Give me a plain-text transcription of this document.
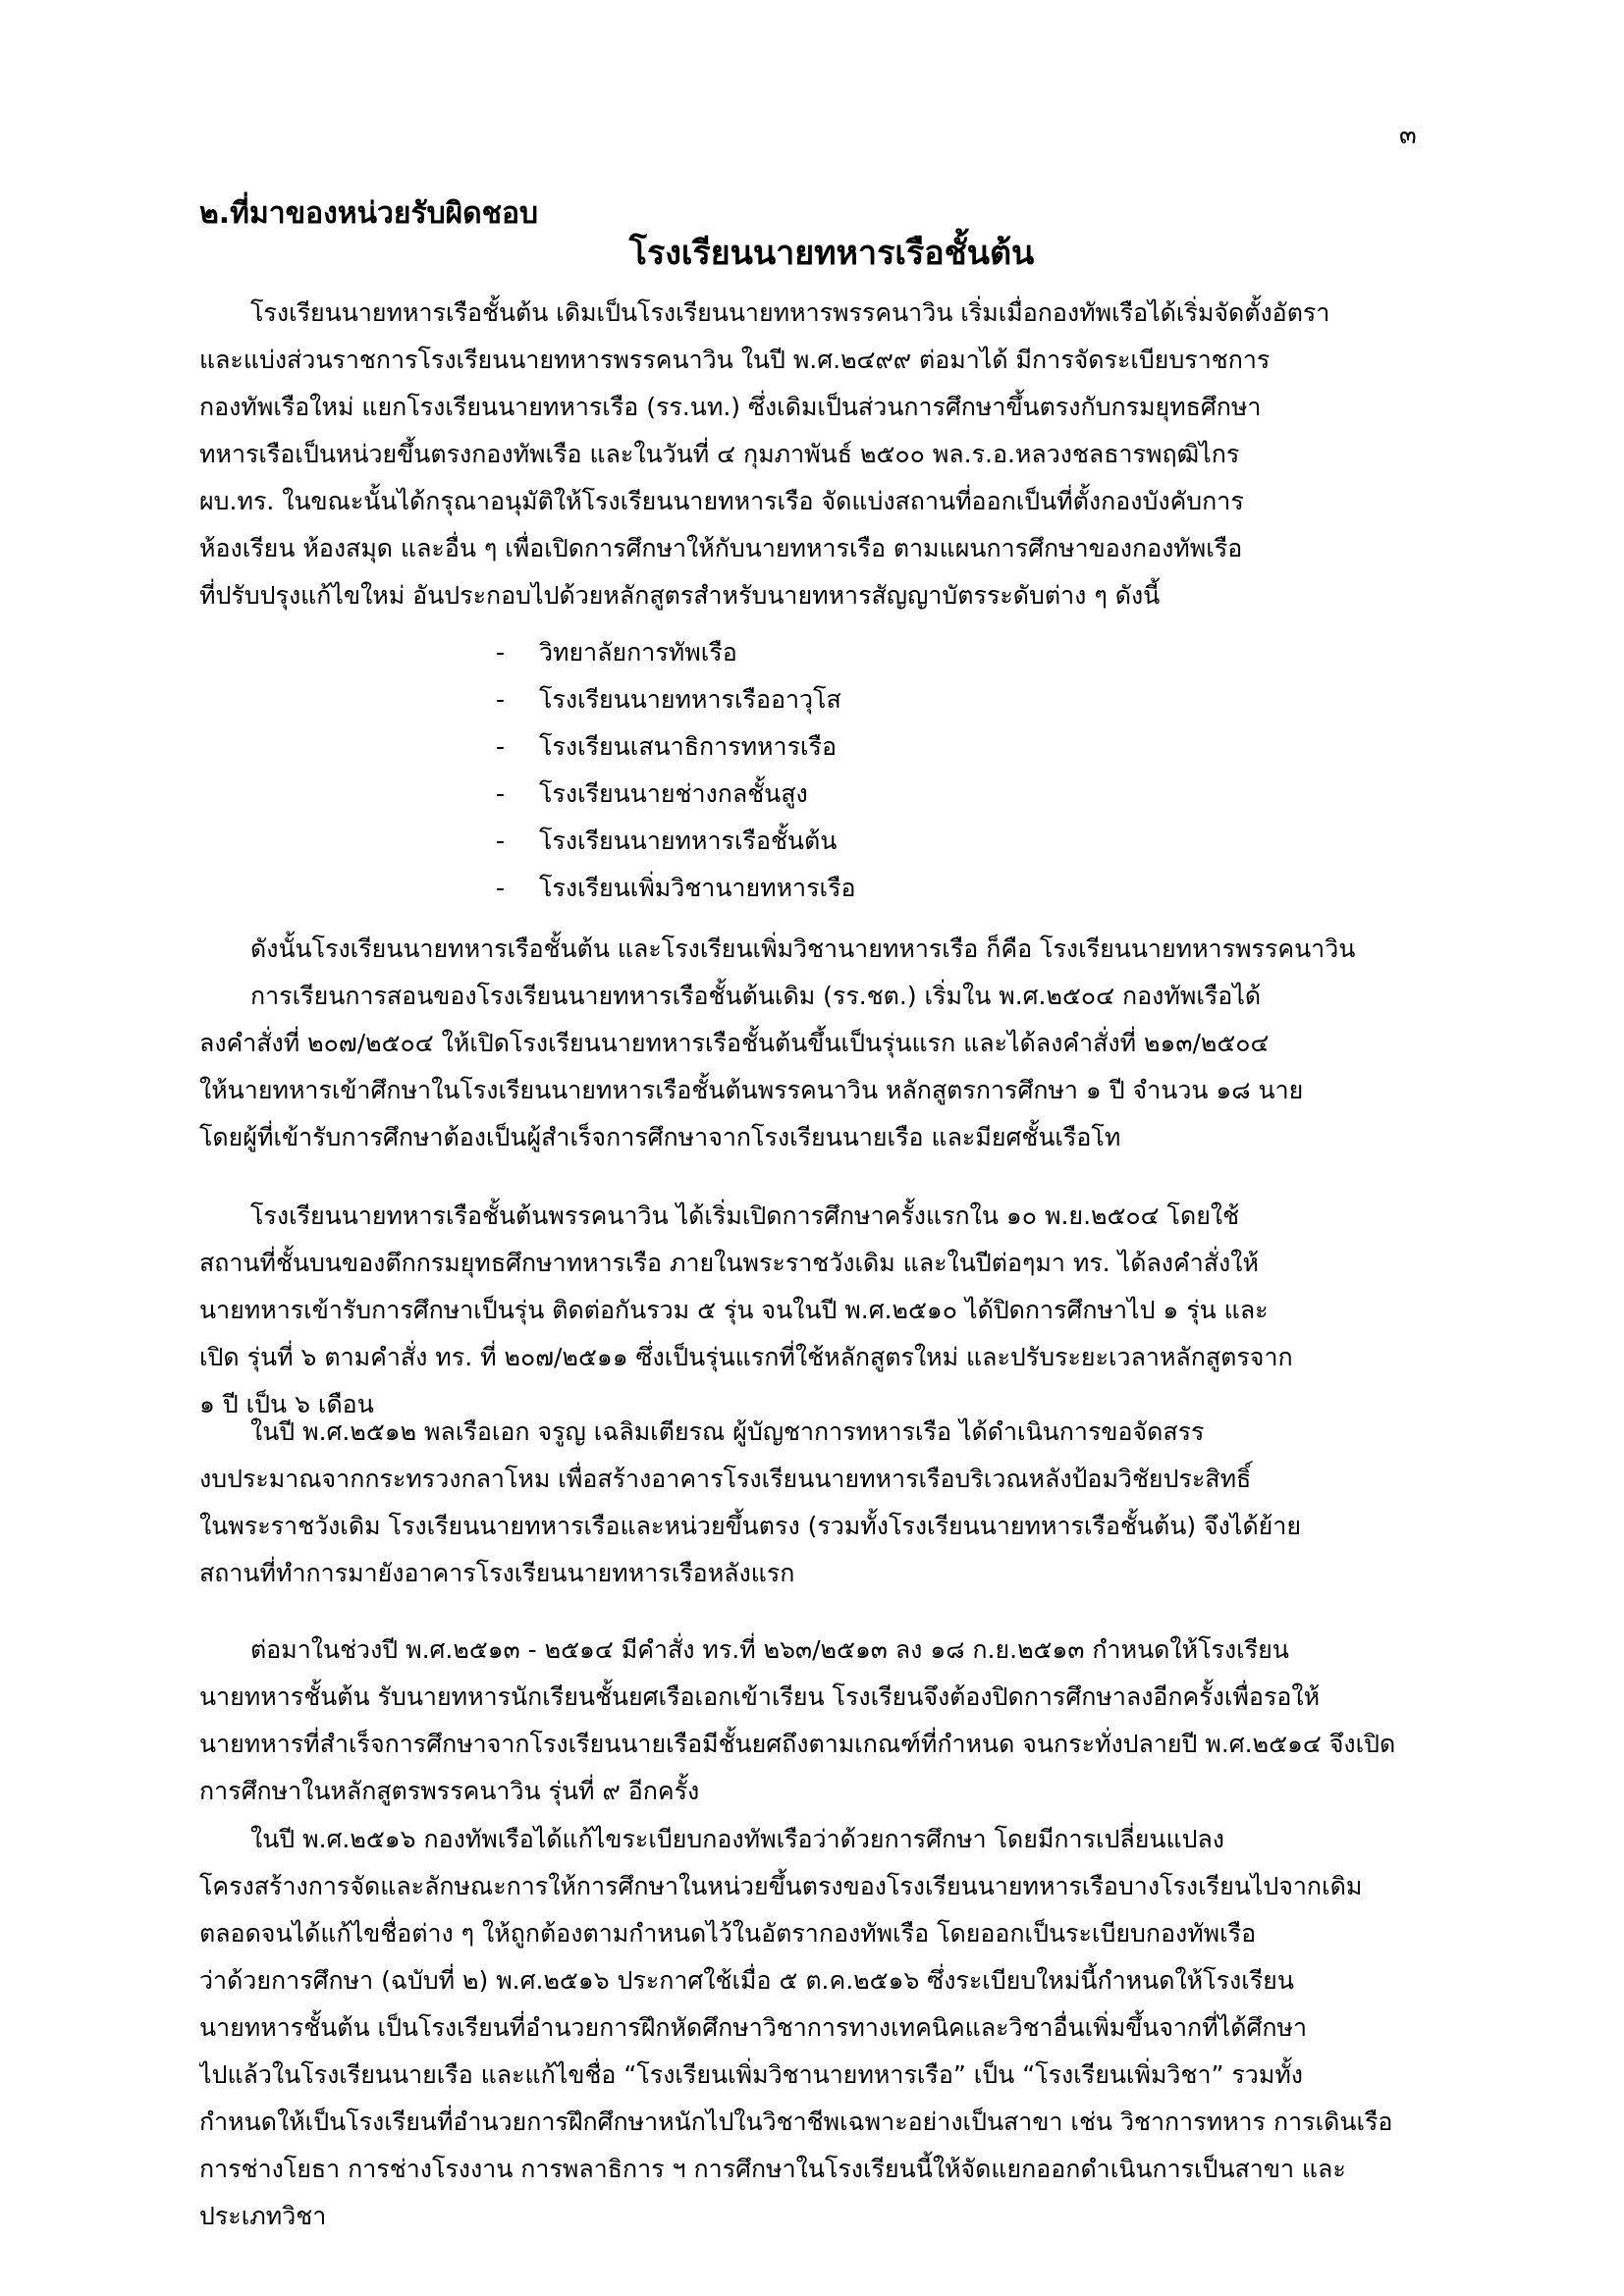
๓
๒.ที่มาของหน่วยรับผิดชอบ
โรงเรียนนายทหารเรือชั้นต้น
โรงเรียนนายทหารเรือชั้นต้น เดิมเป็นโรงเรียนนายทหารพรรคนาวิน เริ่มเมื่อกองทัพเรือได้เริ่มจัดตั้งอัตรา
และแบ่งส่วนราชการโรงเรียนนายทหารพรรคนาวิน ในปี พ.ศ.๒๔๙๙ ต่อมาได้ มีการจัดระเบียบราชการ
กองทัพเรือใหม่ แยกโรงเรียนนายทหารเรือ (รร.นท.) ซึ่งเดิมเป็นส่วนการศึกษาขึ้นตรงกับกรมยุทธศึกษา
ทหารเรือเป็นหน่วยขึ้นตรงกองทัพเรือ และในวันที่ ๔ กุมภาพันธ์ ๒๕๐๐ พล.ร.อ.หลวงชลธารพฤฒิไกร
ผบ.ทร. ในขณะนั้นได้กรุณาอนุมัติให้โรงเรียนนายทหารเรือ จัดแบ่งสถานที่ออกเป็นที่ตั้งกองบังคับการ
ห้องเรียน ห้องสมุด และอื่น ๆ เพื่อเปิดการศึกษาให้กับนายทหารเรือ ตามแผนการศึกษาของกองทัพเรือ
ที่ปรับปรุงแก้ไขใหม่ อันประกอบไปด้วยหลักสูตรสำหรับนายทหารสัญญาบัตรระดับต่าง ๆ ดังนี้
- วิทยาลัยการทัพเรือ
- โรงเรียนนายทหารเรืออาวุโส
- โรงเรียนเสนาธิการทหารเรือ
- โรงเรียนนายช่างกลชั้นสูง
- โรงเรียนนายทหารเรือชั้นต้น
- โรงเรียนเพิ่มวิชานายทหารเรือ
ดังนั้นโรงเรียนนายทหารเรือชั้นต้น และโรงเรียนเพิ่มวิชานายทหารเรือ ก็คือ โรงเรียนนายทหารพรรคนาวิน
การเรียนการสอนของโรงเรียนนายทหารเรือชั้นต้นเดิม (รร.ชต.) เริ่มใน พ.ศ.๒๕๐๔ กองทัพเรือได้
ลงคำสั่งที่ ๒๐๗/๒๕๐๔ ให้เปิดโรงเรียนนายทหารเรือชั้นต้นขึ้นเป็นรุ่นแรก และได้ลงคำสั่งที่ ๒๑๓/๒๕๐๔
ให้นายทหารเข้าศึกษาในโรงเรียนนายทหารเรือชั้นต้นพรรคนาวิน หลักสูตรการศึกษา ๑ ปี จำนวน ๑๘ นาย
โดยผู้ที่เข้ารับการศึกษาต้องเป็นผู้สำเร็จการศึกษาจากโรงเรียนนายเรือ และมียศชั้นเรือโท
โรงเรียนนายทหารเรือชั้นต้นพรรคนาวิน ได้เริ่มเปิดการศึกษาครั้งแรกใน ๑๐ พ.ย.๒๕๐๔ โดยใช้
สถานที่ชั้นบนของตึกกรมยุทธศึกษาทหารเรือ ภายในพระราชวังเดิม และในปีต่อๆมา ทร. ได้ลงคำสั่งให้
นายทหารเข้ารับการศึกษาเป็นรุ่น ติดต่อกันรวม ๕ รุ่น จนในปี พ.ศ.๒๕๑๐ ได้ปิดการศึกษาไป ๑ รุ่น และ
เปิด รุ่นที่ ๖ ตามคำสั่ง ทร. ที่ ๒๐๗/๒๕๑๑ ซึ่งเป็นรุ่นแรกที่ใช้หลักสูตรใหม่ และปรับระยะเวลาหลักสูตรจาก
๑ ปี เป็น ๖ เดือน
ในปี พ.ศ.๒๕๑๒ พลเรือเอก จรูญ เฉลิมเตียรณ ผู้บัญชาการทหารเรือ ได้ดำเนินการขอจัดสรร
งบประมาณจากกระทรวงกลาโหม เพื่อสร้างอาคารโรงเรียนนายทหารเรือบริเวณหลังป้อมวิชัยประสิทธิ์
ในพระราชวังเดิม โรงเรียนนายทหารเรือและหน่วยขึ้นตรง (รวมทั้งโรงเรียนนายทหารเรือชั้นต้น) จึงได้ย้าย
สถานที่ทำการมายังอาคารโรงเรียนนายทหารเรือหลังแรก
ต่อมาในช่วงปี พ.ศ.๒๕๑๓ - ๒๕๑๔ มีคำสั่ง ทร.ที่ ๒๖๓/๒๕๑๓ ลง ๑๘ ก.ย.๒๕๑๓ กำหนดให้โรงเรียน
นายทหารชั้นต้น รับนายทหารนักเรียนชั้นยศเรือเอกเข้าเรียน โรงเรียนจึงต้องปิดการศึกษาลงอีกครั้งเพื่อรอให้
นายทหารที่สำเร็จการศึกษาจากโรงเรียนนายเรือมีชั้นยศถึงตามเกณฑ์ที่กำหนด จนกระทั่งปลายปี พ.ศ.๒๕๑๔ จึงเปิด
การศึกษาในหลักสูตรพรรคนาวิน รุ่นที่ ๙ อีกครั้ง
ในปี พ.ศ.๒๕๑๖ กองทัพเรือได้แก้ไขระเบียบกองทัพเรือว่าด้วยการศึกษา โดยมีการเปลี่ยนแปลง
โครงสร้างการจัดและลักษณะการให้การศึกษาในหน่วยขึ้นตรงของโรงเรียนนายทหารเรือบางโรงเรียนไปจากเดิม
ตลอดจนได้แก้ไขชื่อต่าง ๆ ให้ถูกต้องตามกำหนดไว้ในอัตรากองทัพเรือ โดยออกเป็นระเบียบกองทัพเรือ
ว่าด้วยการศึกษา (ฉบับที่ ๒) พ.ศ.๒๕๑๖ ประกาศใช้เมื่อ ๕ ต.ค.๒๕๑๖ ซึ่งระเบียบใหม่นี้กำหนดให้โรงเรียน
นายทหารชั้นต้น เป็นโรงเรียนที่อำนวยการฝึกหัดศึกษาวิชาการทางเทคนิคและวิชาอื่นเพิ่มขึ้นจากที่ได้ศึกษา
ไปแล้วในโรงเรียนนายเรือ และแก้ไขชื่อ “โรงเรียนเพิ่มวิชานายทหารเรือ” เป็น “โรงเรียนเพิ่มวิชา” รวมทั้ง
กำหนดให้เป็นโรงเรียนที่อำนวยการฝึกศึกษาหนักไปในวิชาชีพเฉพาะอย่างเป็นสาขา เช่น วิชาการทหาร การเดินเรือ
การช่างโยธา การช่างโรงงาน การพลาธิการ ฯ การศึกษาในโรงเรียนนี้ให้จัดแยกออกดำเนินการเป็นสาขา และ
ประเภทวิชา
